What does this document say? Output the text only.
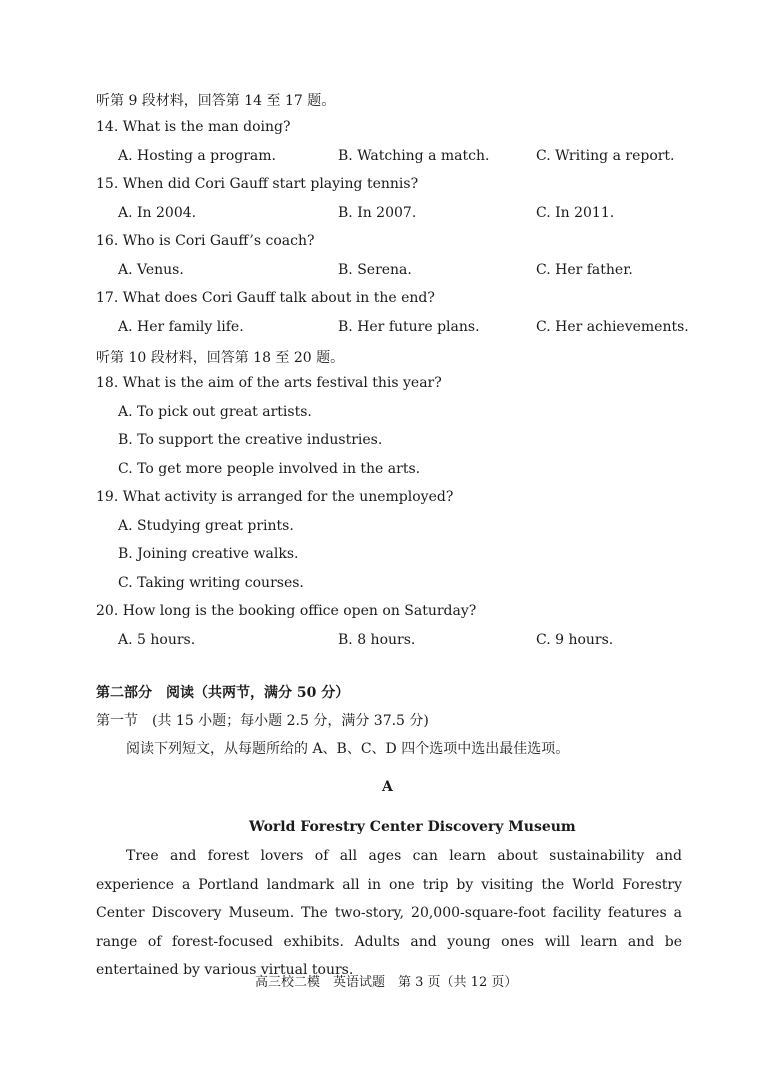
听第 9 段材料，回答第 14 至 17 题。
14. What is the man doing?
A. Hosting a program.	B. Watching a match.	C. Writing a report.
15. When did Cori Gauff start playing tennis?
A. In 2004.	B. In 2007.	C. In 2011.
16. Who is Cori Gauff’s coach?
A. Venus.	B. Serena.	C. Her father.
17. What does Cori Gauff talk about in the end?
A. Her family life.	B. Her future plans.	C. Her achievements.
听第 10 段材料，回答第 18 至 20 题。
18. What is the aim of the arts festival this year?
A. To pick out great artists.
B. To support the creative industries.
C. To get more people involved in the arts.
19. What activity is arranged for the unemployed?
A. Studying great prints.
B. Joining creative walks.
C. Taking writing courses.
20. How long is the booking office open on Saturday?
A. 5 hours.	B. 8 hours.	C. 9 hours.
第二部分　阅读（共两节，满分 50 分）
第一节　(共 15 小题；每小题 2.5 分，满分 37.5 分)
阅读下列短文，从每题所给的 A、B、C、D 四个选项中选出最佳选项。
A
World Forestry Center Discovery Museum
Tree and forest lovers of all ages can learn about sustainability and experience a Portland landmark all in one trip by visiting the World Forestry Center Discovery Museum. The two-story, 20,000-square-foot facility features a range of forest-focused exhibits. Adults and young ones will learn and be entertained by various virtual tours.
高三校二模　英语试题　第 3 页（共 12 页）
